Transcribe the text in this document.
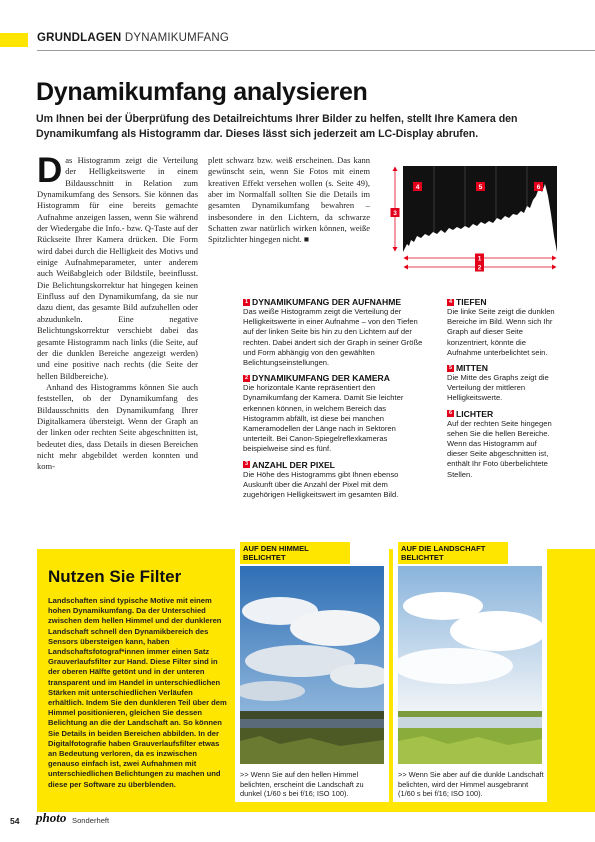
GRUNDLAGEN DYNAMIKUMFANG
Dynamikumfang analysieren

Um Ihnen bei der Überprüfung des Detailreichtums Ihrer Bilder zu helfen, stellt Ihre Kamera den Dynamikumfang als Histogramm dar. Dieses lässt sich jederzeit am LC-Display abrufen.

D as Histogramm zeigt die Verteilung der Helligkeitswerte in einem Bildausschnitt in Relation zum Dynamikumfang des Sensors. Sie können das Histogramm für eine bereits gemachte Aufnahme anzeigen lassen, wenn Sie während der Wiedergabe die Info.- bzw. Q-Taste auf der Rückseite Ihrer Kamera drücken. Die Form wird dabei durch die Helligkeit des Motivs und einige Aufnahmeparameter, unter anderem auch Weißabgleich oder Bildstile, beeinflusst. Die Belichtungskorrektur hat hingegen keinen Einfluss auf den Dynamikumfang, da sie nur dazu dient, das gesamte Bild aufzuhellen oder abzudunkeln. Eine negative Belichtungskorrektur verschiebt dabei das gesamte Histogramm nach links (die Seite, auf der die dunklen Bereiche angezeigt werden) und eine positive nach rechts (die Seite der hellen Bildbereiche).
Anhand des Histogramms können Sie auch feststellen, ob der Dynamikumfang des Bildausschnitts den Dynamikumfang Ihrer Digitalkamera übersteigt. Wenn der Graph an der linken oder rechten Seite abgeschnitten ist, bedeutet dies, dass Details in diesen Bereichen nicht mehr abgebildet werden konnten und kom-
plett schwarz bzw. weiß erscheinen. Das kann gewünscht sein, wenn Sie Fotos mit einem kreativen Effekt versehen wollen (s. Seite 49), aber im Normalfall sollten Sie die Details im gesamten Dynamikumfang bewahren – insbesondere in den Lichtern, da schwarze Schatten zwar natürlich wirken können, weiße Spitzlichter hingegen nicht. ■
4	5	6
3
1
2
1 DYNAMIKUMFANG DER AUFNAHME
Das weiße Histogramm zeigt die Verteilung der Helligkeitswerte in einer Aufnahme – von den Tiefen auf der linken Seite bis hin zu den Lichtern auf der rechten. Dabei ändert sich der Graph in seiner Größe und Form abhängig von den gewählten Belichtungseinstellungen.
2 DYNAMIKUMFANG DER KAMERA
Die horizontale Kante repräsentiert den Dynamikumfang der Kamera. Damit Sie leichter erkennen können, in welchem Bereich das Histogramm abfällt, ist diese bei manchen Kameramodellen der Länge nach in Sektoren unterteilt. Bei Canon-Spiegelreflexkameras beispielweise sind es fünf.
3 ANZAHL DER PIXEL
Die Höhe des Histogramms gibt Ihnen ebenso Auskunft über die Anzahl der Pixel mit dem zugehörigen Helligkeitswert im gesamten Bild.
4 TIEFEN
Die linke Seite zeigt die dunklen Bereiche im Bild. Wenn sich Ihr Graph auf dieser Seite konzentriert, könnte die Aufnahme unterbelichtet sein.
5 MITTEN
Die Mitte des Graphs zeigt die Verteilung der mittleren Helligkeitswerte.
6 LICHTER
Auf der rechten Seite hingegen sehen Sie die hellen Bereiche. Wenn das Histogramm auf dieser Seite abgeschnitten ist, enthält Ihr Foto überbelichtete Stellen.
Nutzen Sie Filter

Landschaften sind typische Motive mit einem hohen Dynamikumfang. Da der Unterschied zwischen dem hellen Himmel und der dunkleren Landschaft schnell den Dynamikbereich des Sensors übersteigen kann, haben Landschaftsfotograf*innen immer einen Satz Grauverlaufsfilter zur Hand. Diese Filter sind in der oberen Hälfte getönt und in der unteren transparent und im Handel in unterschiedlichen Stärken mit unterschiedlichen Verläufen erhältlich. Indem Sie den dunkleren Teil über dem Himmel positionieren, gleichen Sie dessen Belichtung an die der Landschaft an. So können Sie Details in beiden Bereichen abbilden. In der Digitalfotografie haben Grauverlaufsfilter etwas an Bedeutung verloren, da es inzwischen genauso einfach ist, zwei Aufnahmen mit unterschiedlichen Belichtungen zu machen und diese per Software zu überblenden.

AUF DEN HIMMEL BELICHTET
>> Wenn Sie auf den hellen Himmel belichten, erscheint die Landschaft zu dunkel (1/60 s bei f/16; ISO 100).
AUF DIE LANDSCHAFT BELICHTET
>> Wenn Sie aber auf die dunkle Landschaft belichten, wird der Himmel ausgebrannt (1/60 s bei f/16; ISO 100).
54 photo Sonderheft
